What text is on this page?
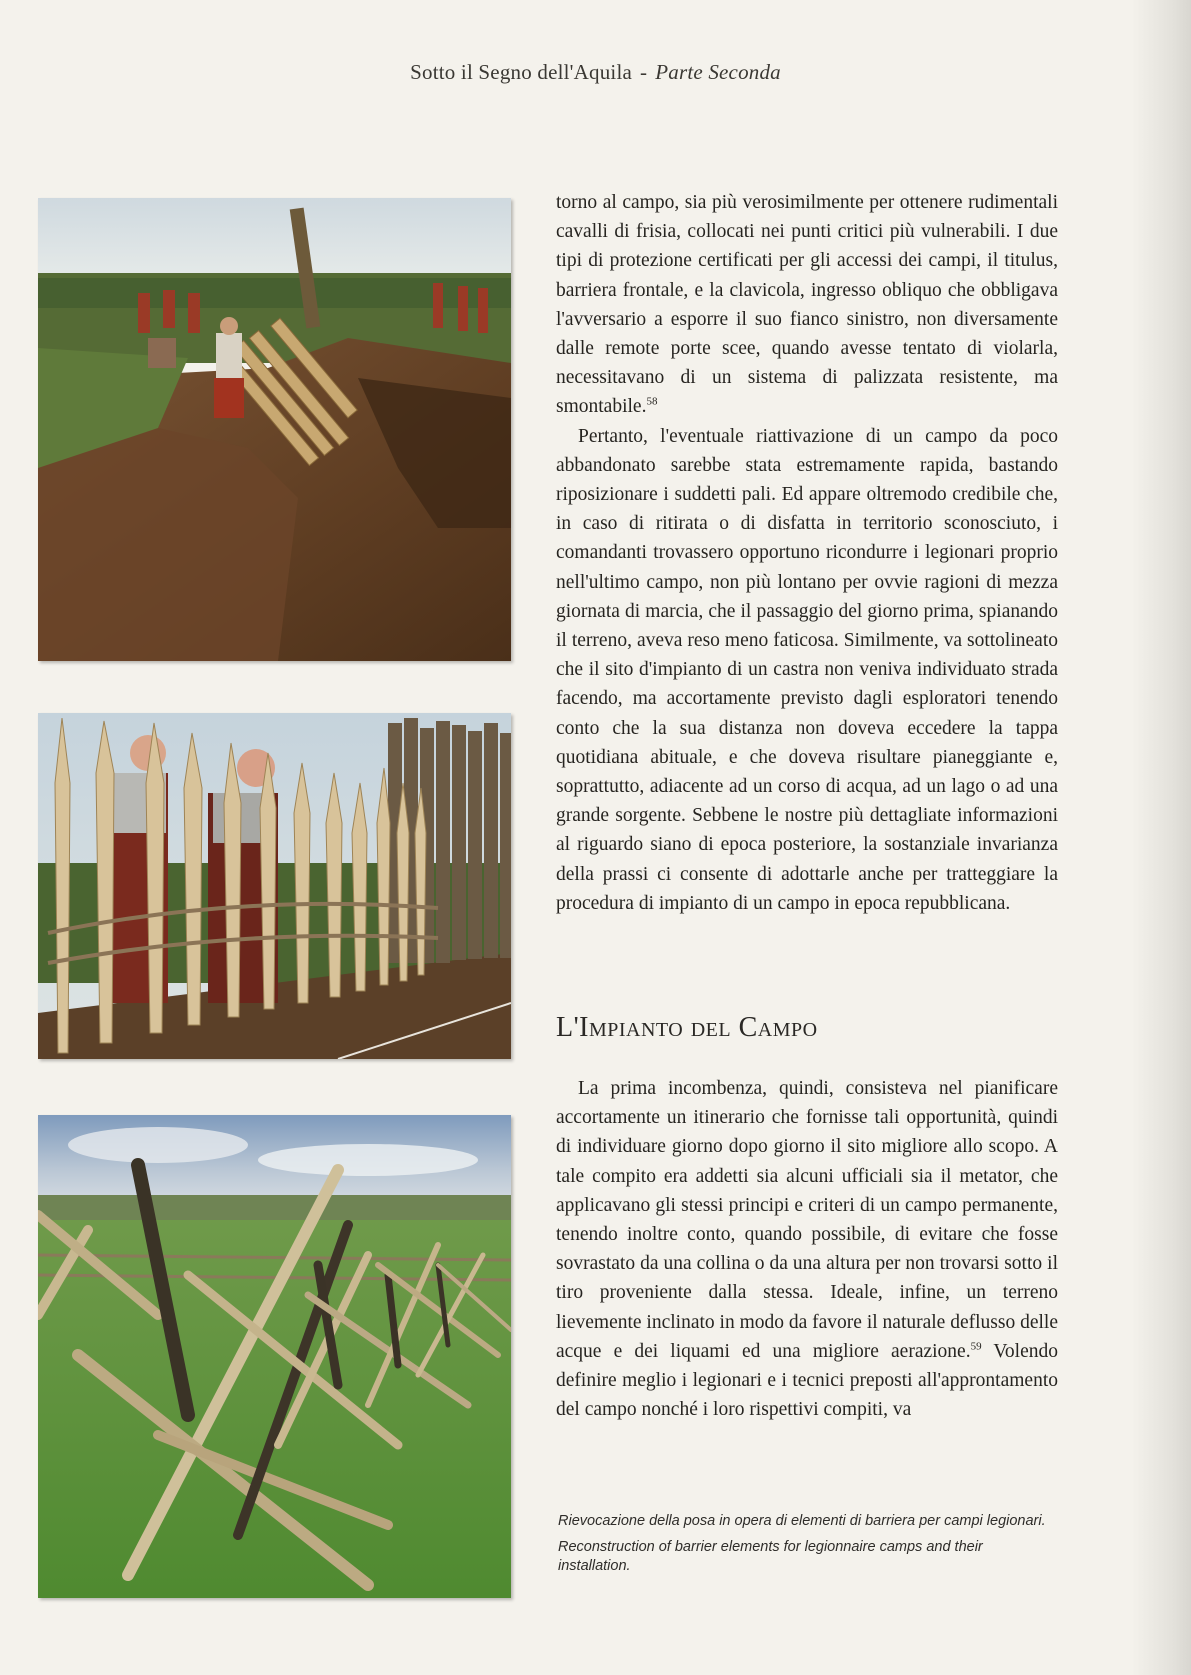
Sotto il Segno dell'Aquila - Parte Seconda

torno al campo, sia più verosimilmente per ottenere rudimentali cavalli di frisia, collocati nei punti critici più vulnerabili. I due tipi di protezione certificati per gli accessi dei campi, il titulus, barriera frontale, e la clavicola, ingresso obliquo che obbligava l'avversario a esporre il suo fianco sinistro, non diversamente dalle remote porte scee, quando avesse tentato di violarla, necessitavano di un sistema di palizzata resistente, ma smontabile.$^{58}$

Pertanto, l'eventuale riattivazione di un campo da poco abbandonato sarebbe stata estremamente rapida, bastando riposizionare i suddetti pali. Ed appare oltremodo credibile che, in caso di ritirata o di disfatta in territorio sconosciuto, i comandanti trovassero opportuno ricondurre i legionari proprio nell'ultimo campo, non più lontano per ovvie ragioni di mezza giornata di marcia, che il passaggio del giorno prima, spianando il terreno, aveva reso meno faticosa. Similmente, va sottolineato che il sito d'impianto di un castra non veniva individuato strada facendo, ma accortamente previsto dagli esploratori tenendo conto che la sua distanza non doveva eccedere la tappa quotidiana abituale, e che doveva risultare pianeggiante e, soprattutto, adiacente ad un corso di acqua, ad un lago o ad una grande sorgente. Sebbene le nostre più dettagliate informazioni al riguardo siano di epoca posteriore, la sostanziale invarianza della prassi ci consente di adottarle anche per tratteggiare la procedura di impianto di un campo in epoca repubblicana.

L'Impianto del Campo

La prima incombenza, quindi, consisteva nel pianificare accortamente un itinerario che fornisse tali opportunità, quindi di individuare giorno dopo giorno il sito migliore allo scopo. A tale compito era addetti sia alcuni ufficiali sia il metator, che applicavano gli stessi principi e criteri di un campo permanente, tenendo inoltre conto, quando possibile, di evitare che fosse sovrastato da una collina o da una altura per non trovarsi sotto il tiro proveniente dalla stessa. Ideale, infine, un terreno lievemente inclinato in modo da favore il naturale deflusso delle acque e dei liquami ed una migliore aerazione.$^{59}$ Volendo definire meglio i legionari e i tecnici preposti all'approntamento del campo nonché i loro rispettivi compiti, va

Rievocazione della posa in opera di elementi di barriera per campi legionari.

Reconstruction of barrier elements for legionnaire camps and their installation.
